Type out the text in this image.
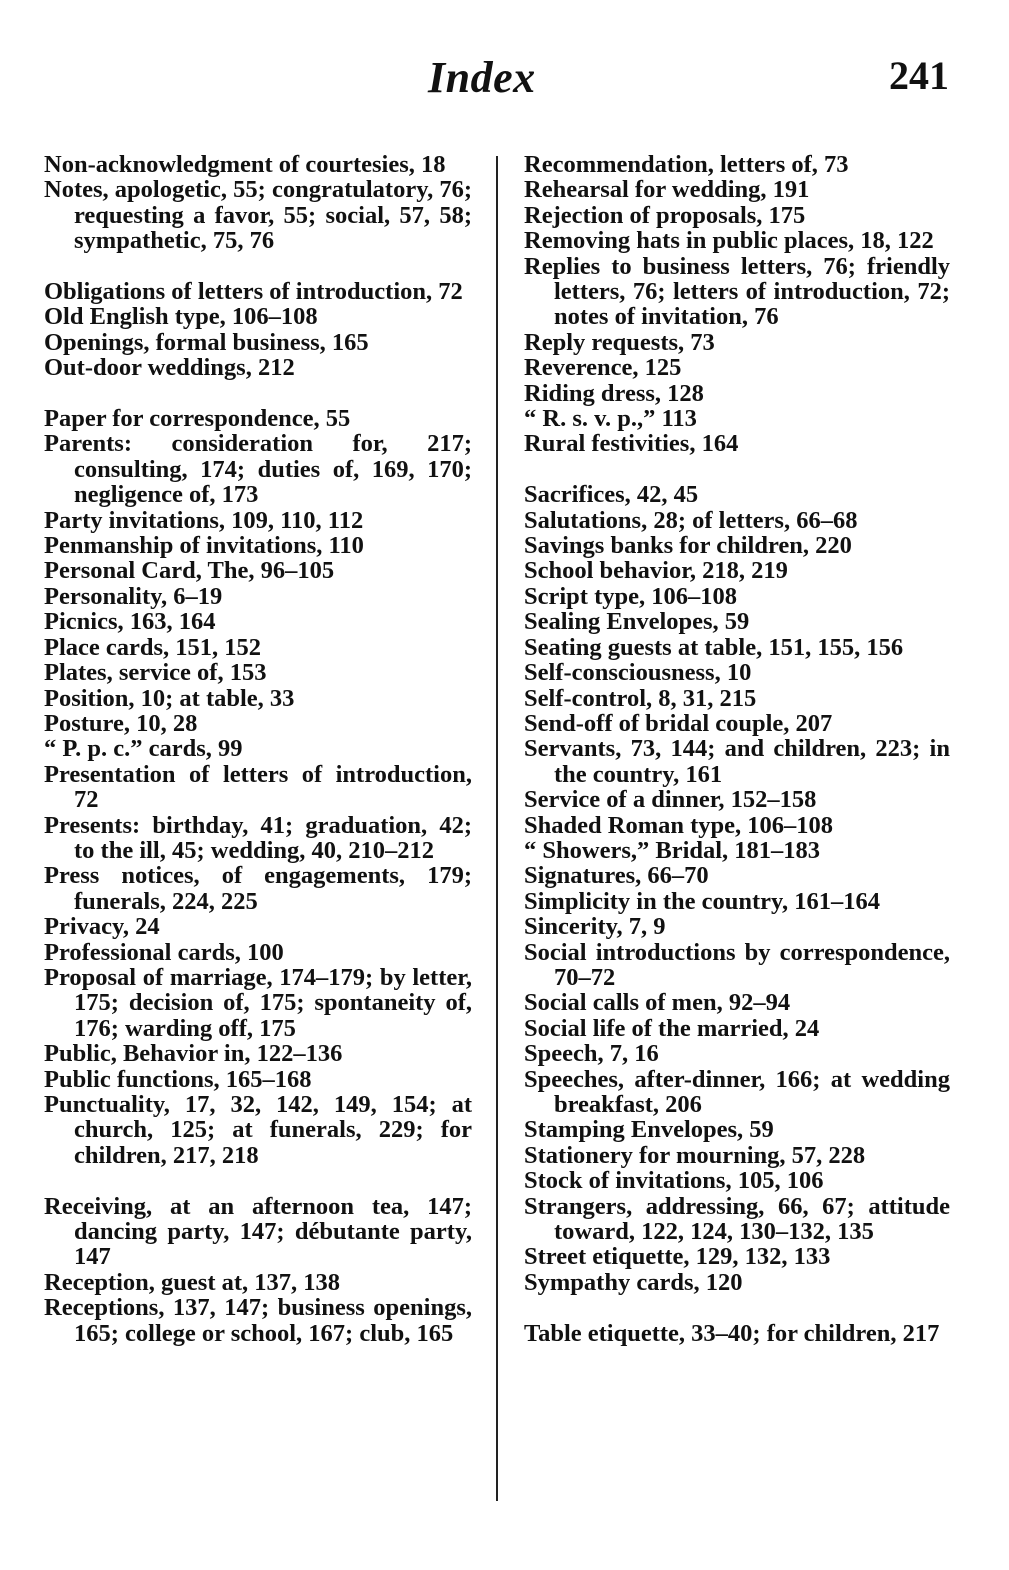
Index	241

Non-acknowledgment of courtesies, 18

Notes, apologetic, 55; congratulatory, 76; requesting a favor, 55; social, 57, 58; sympathetic, 75, 76

Obligations of letters of introduction, 72

Old English type, 106–108

Openings, formal business, 165

Out-door weddings, 212

Paper for correspondence, 55

Parents: consideration for, 217; consulting, 174; duties of, 169, 170; negligence of, 173

Party invitations, 109, 110, 112

Penmanship of invitations, 110

Personal Card, The, 96–105

Personality, 6–19

Picnics, 163, 164

Place cards, 151, 152

Plates, service of, 153

Position, 10; at table, 33

Posture, 10, 28

“ P. p. c.” cards, 99

Presentation of letters of introduction, 72

Presents: birthday, 41; graduation, 42; to the ill, 45; wedding, 40, 210–212

Press notices, of engagements, 179; funerals, 224, 225

Privacy, 24

Professional cards, 100

Proposal of marriage, 174–179; by letter, 175; decision of, 175; spontaneity of, 176; warding off, 175

Public, Behavior in, 122–136

Public functions, 165–168

Punctuality, 17, 32, 142, 149, 154; at church, 125; at funerals, 229; for children, 217, 218

Receiving, at an afternoon tea, 147; dancing party, 147; débutante party, 147

Reception, guest at, 137, 138

Receptions, 137, 147; business openings, 165; college or school, 167; club, 165

Recommendation, letters of, 73

Rehearsal for wedding, 191

Rejection of proposals, 175

Removing hats in public places, 18, 122

Replies to business letters, 76; friendly letters, 76; letters of introduction, 72; notes of invitation, 76

Reply requests, 73

Reverence, 125

Riding dress, 128

“ R. s. v. p.,” 113

Rural festivities, 164

Sacrifices, 42, 45

Salutations, 28; of letters, 66–68

Savings banks for children, 220

School behavior, 218, 219

Script type, 106–108

Sealing Envelopes, 59

Seating guests at table, 151, 155, 156

Self-consciousness, 10

Self-control, 8, 31, 215

Send-off of bridal couple, 207

Servants, 73, 144; and children, 223; in the country, 161

Service of a dinner, 152–158

Shaded Roman type, 106–108

“ Showers,” Bridal, 181–183

Signatures, 66–70

Simplicity in the country, 161–164

Sincerity, 7, 9

Social introductions by correspondence, 70–72

Social calls of men, 92–94

Social life of the married, 24

Speech, 7, 16

Speeches, after-dinner, 166; at wedding breakfast, 206

Stamping Envelopes, 59

Stationery for mourning, 57, 228

Stock of invitations, 105, 106

Strangers, addressing, 66, 67; attitude toward, 122, 124, 130–132, 135

Street etiquette, 129, 132, 133

Sympathy cards, 120

Table etiquette, 33–40; for children, 217
